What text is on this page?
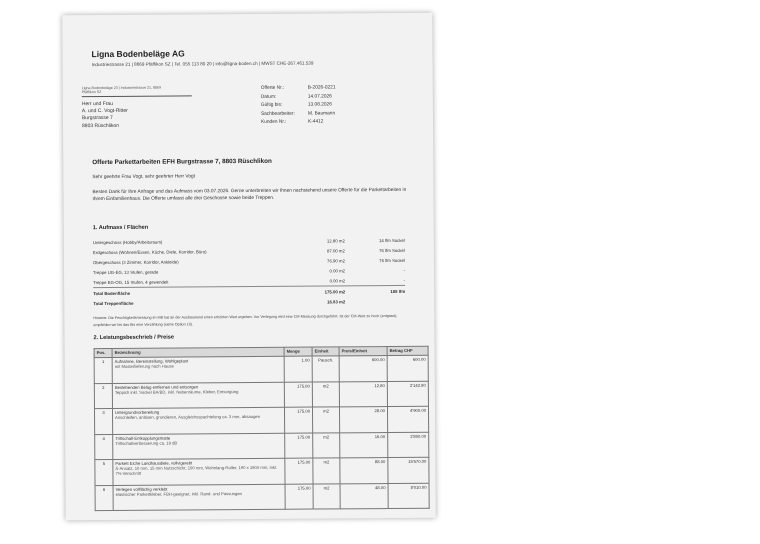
Ligna Bodenbeläge AG
Industriestrasse 21 | 8869 Pfäffikon SZ | Tel. 055 113 80 20 | info@ligna-boden.ch | MWST CHE-267.461.539
Ligna Bodenbeläge 23 | Industriestrasse 21, 8869
Pfäffikon SZ
Herr und Frau
A. und C. Vogt-Ritter
Burgstrasse 7
8803 Rüschlikon
Offerte Nr.:	B-2026-0221
Datum:	14.07.2026
Gültig bis:	13.08.2026
Sachbearbeiter:	M. Baumann
Kunden Nr.:	K-4412
Offerte Parkettarbeiten EFH Burgstrasse 7, 8803 Rüschlikon
Sehr geehrte Frau Vogt, sehr geehrter Herr Vogt
Besten Dank für Ihre Anfrage und das Aufmass vom 03.07.2026. Gerne unterbreiten wir Ihnen nachstehend unsere Offerte für die Parkettarbeiten in Ihrem Einfamilienhaus. Die Offerte umfasst alle drei Geschosse sowie beide Treppen.
1. Aufmass / Flächen
Untergeschoss (Hobby/Arbeitsraum)	12.80 m2	14 lfm Sockel
Erdgeschoss (Wohnen/Essen, Küche, Diele, Korridor, Büro)	87.00 m2	76 lfm Sockel
Obergeschoss (3 Zimmer, Korridor, Ankleide)	76.90 m2	76 lfm Sockel
Treppe UG-EG, 13 Stufen, gerade	0.00 m2	-
Treppe EG-OG, 15 Stufen, 4 gewendelt	0.00 m2	-
Total Bodenfläche	175.00 m2	188 lfm
Total Treppenfläche	16.83 m2
Hinweis: Die Feuchtigkeitsmessung im MB hat an der Ausbauwand einen erhöhten Wert ergeben. Vor Verlegung wird eine CM-Messung durchgeführt. Ist der CM-Wert zu hoch (entgraut), empfehlen wir bis das Bis eine Verzählung (siehe Option 10).
2. Leistungsbeschrieb / Preise
Pos.	Bezeichnung	Menge	Einheit	Preis/Einheit	Betrag CHF
1	Aufnahme, Bereinstellung, Wohlgeplant
mit Musterlieferung nach Hause	1.00	Pausch.	600.00	600.00
2	Bestehenden Belag entfernen und entsorgen
Teppich inkl. Sockel BA/BD, inkl. Nebenräume, Kleber, Entsorgung	175.00	m2	12.80	2'142.80
3	Untergrundvorbereitung
Anschleifen, anlösen, grundieren, Ausgleichsspachtelung ca. 3 mm, absaugen	175.00	m2	28.00	4'900.00
4	Trittschall-Entkopplungsmatte
Trittschallverbesserung ca. 19 dB	175.00	m2	16.00	2'800.00
5	Parkett Eiche Landhausdiele, vollvigerebt
Ä-Ansatz, 10 mm, 15 mm Nutzschicht, 190 mm, Wohnlang-Roller, 190 x 1900 mm, inkl. 7% Verschnitt	175.00	m2	88.00	15'570.00
6	Verlegen vollflächig verklebt
elastischer Parkettkleber, FBH-geeignet, inkl. Rand- und Passungen	175.00	m2	48.00	8'010.00
